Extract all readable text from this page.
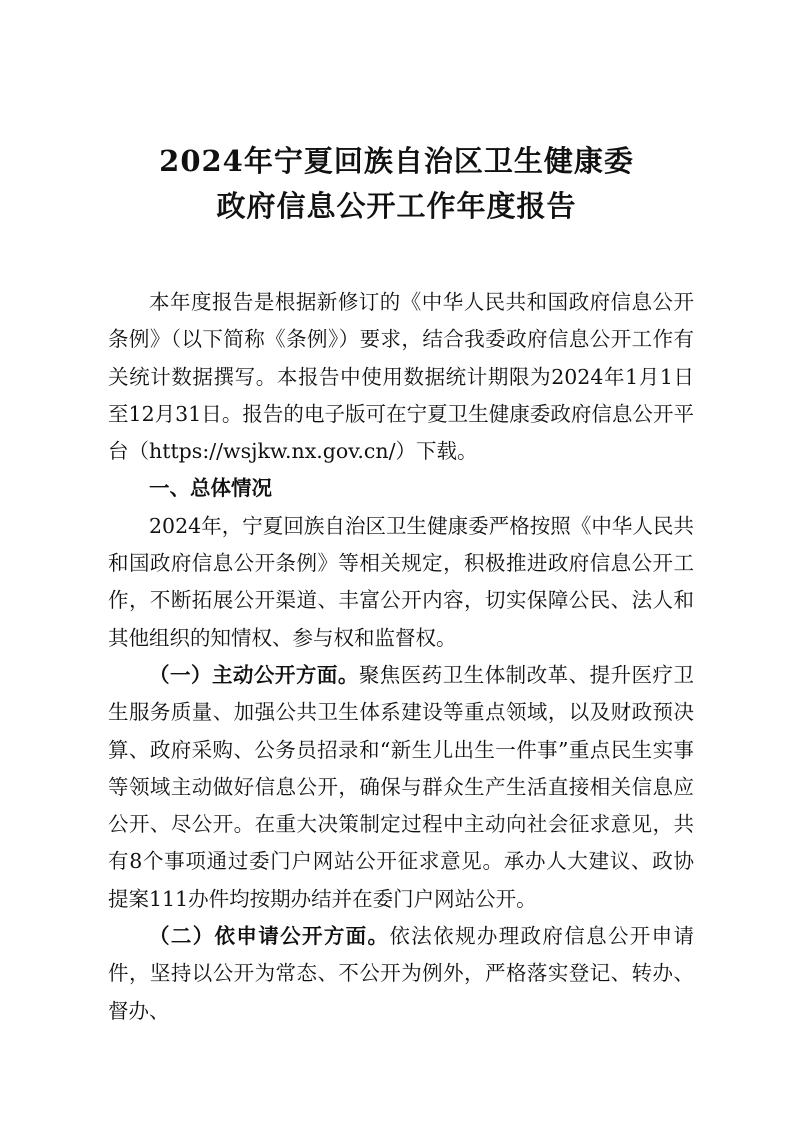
2024年宁夏回族自治区卫生健康委
政府信息公开工作年度报告

本年度报告是根据新修订的《中华人民共和国政府信息公开条例》（以下简称《条例》）要求，结合我委政府信息公开工作有关统计数据撰写。本报告中使用数据统计期限为2024年1月1日至12月31日。报告的电子版可在宁夏卫生健康委政府信息公开平台（https://wsjkw.nx.gov.cn/）下载。

一、总体情况

2024年，宁夏回族自治区卫生健康委严格按照《中华人民共和国政府信息公开条例》等相关规定，积极推进政府信息公开工作，不断拓展公开渠道、丰富公开内容，切实保障公民、法人和其他组织的知情权、参与权和监督权。

（一）主动公开方面。聚焦医药卫生体制改革、提升医疗卫生服务质量、加强公共卫生体系建设等重点领域，以及财政预决算、政府采购、公务员招录和“新生儿出生一件事”重点民生实事等领域主动做好信息公开，确保与群众生产生活直接相关信息应公开、尽公开。在重大决策制定过程中主动向社会征求意见，共有8个事项通过委门户网站公开征求意见。承办人大建议、政协提案111办件均按期办结并在委门户网站公开。

（二）依申请公开方面。依法依规办理政府信息公开申请件，坚持以公开为常态、不公开为例外，严格落实登记、转办、督办、
